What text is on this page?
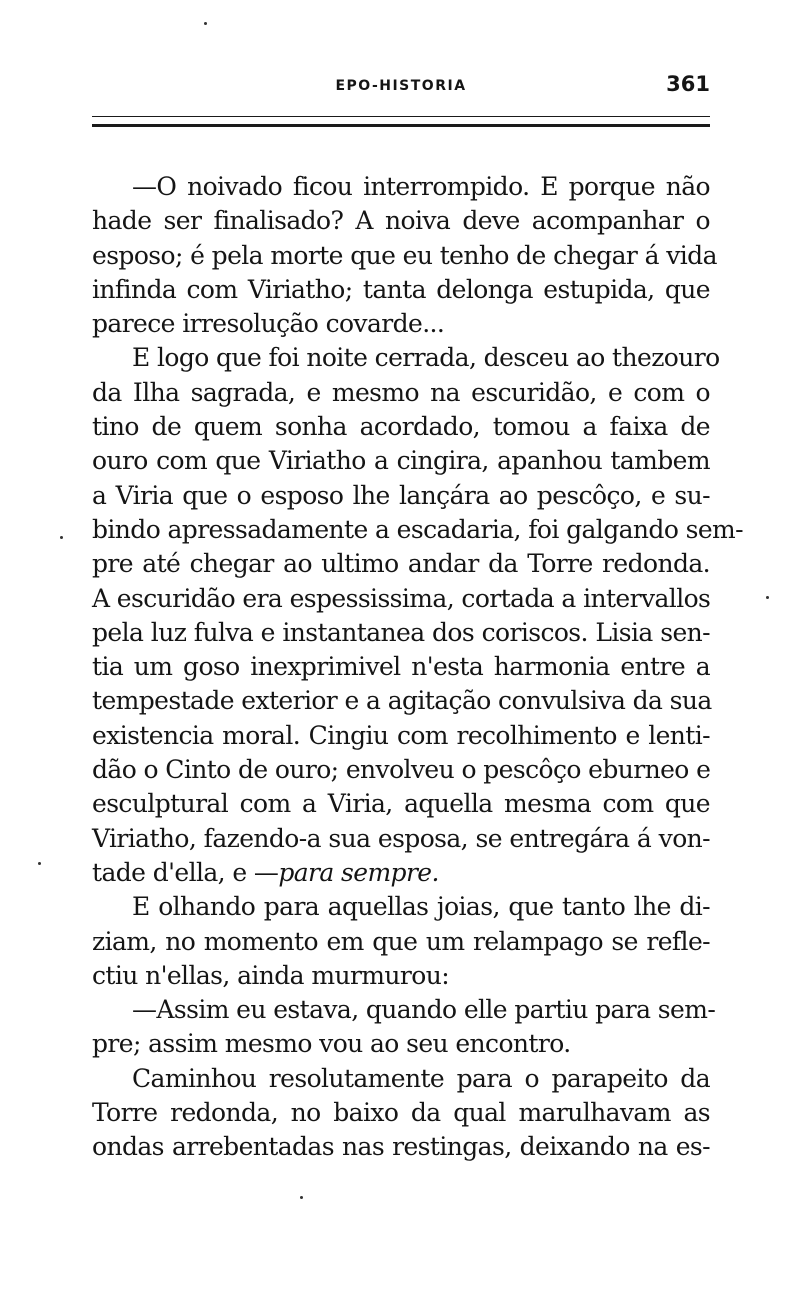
EPO-HISTORIA	361
—O noivado ficou interrompido. E porque não
hade ser finalisado? A noiva deve acompanhar o
esposo; é pela morte que eu tenho de chegar á vida
infinda com Viriatho; tanta delonga estupida, que
parece irresolução covarde...
E logo que foi noite cerrada, desceu ao thezouro
da Ilha sagrada, e mesmo na escuridão, e com o
tino de quem sonha acordado, tomou a faixa de
ouro com que Viriatho a cingira, apanhou tambem
a Viria que o esposo lhe lançára ao pescôço, e su-
bindo apressadamente a escadaria, foi galgando sem-
pre até chegar ao ultimo andar da Torre redonda.
A escuridão era espessissima, cortada a intervallos
pela luz fulva e instantanea dos coriscos. Lisia sen-
tia um goso inexprimivel n'esta harmonia entre a
tempestade exterior e a agitação convulsiva da sua
existencia moral. Cingiu com recolhimento e lenti-
dão o Cinto de ouro; envolveu o pescôço eburneo e
esculptural com a Viria, aquella mesma com que
Viriatho, fazendo-a sua esposa, se entregára á von-
tade d'ella, e —para sempre.
E olhando para aquellas joias, que tanto lhe di-
ziam, no momento em que um relampago se refle-
ctiu n'ellas, ainda murmurou:
—Assim eu estava, quando elle partiu para sem-
pre; assim mesmo vou ao seu encontro.
Caminhou resolutamente para o parapeito da
Torre redonda, no baixo da qual marulhavam as
ondas arrebentadas nas restingas, deixando na es-
